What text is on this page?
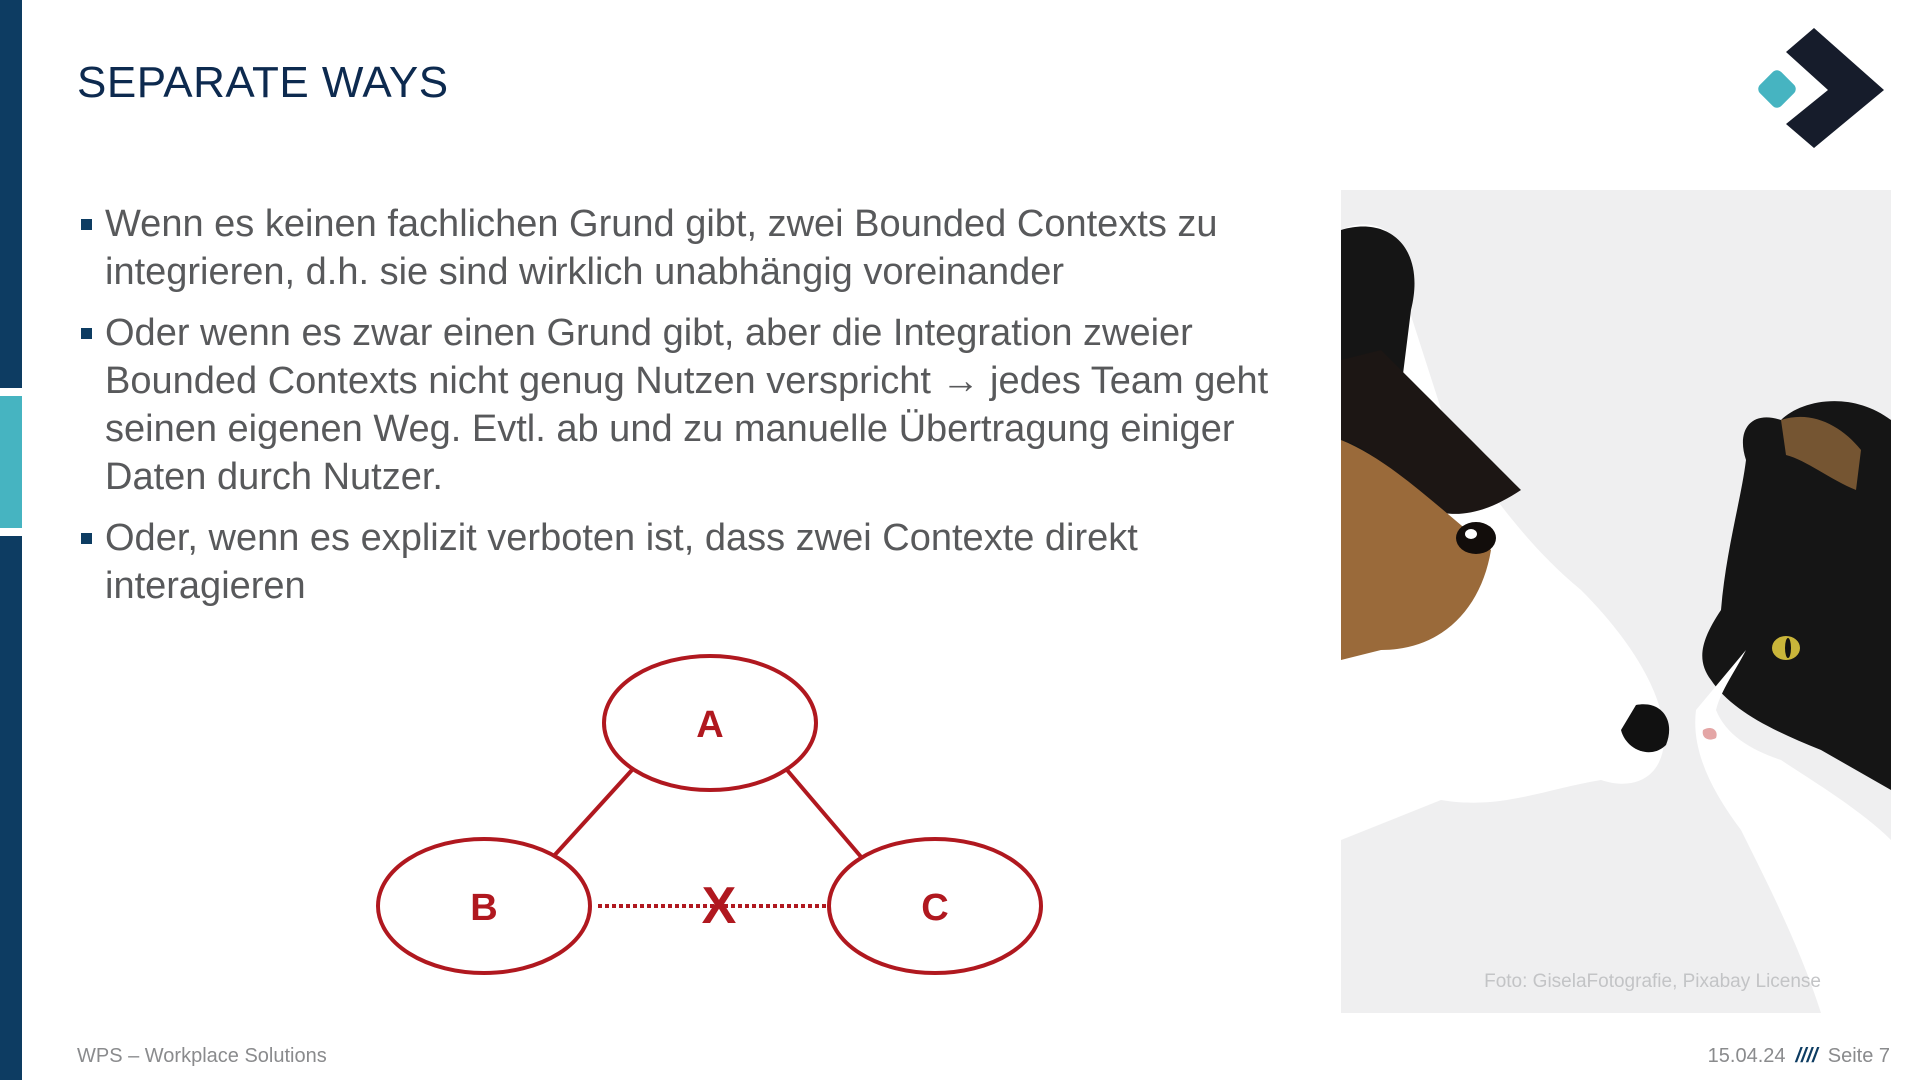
SEPARATE WAYS
Wenn es keinen fachlichen Grund gibt, zwei Bounded Contexts zu integrieren, d.h. sie sind wirklich unabhängig voreinander
Oder wenn es zwar einen Grund gibt, aber die Integration zweier Bounded Contexts nicht genug Nutzen verspricht → jedes Team geht seinen eigenen Weg. Evtl. ab und zu manuelle Übertragung einiger Daten durch Nutzer.
Oder, wenn es explizit verboten ist, dass zwei Contexte direkt interagieren
A
B	C
X
Foto: GiselaFotografie, Pixabay License
WPS – Workplace Solutions	15.04.24 //// Seite 7
